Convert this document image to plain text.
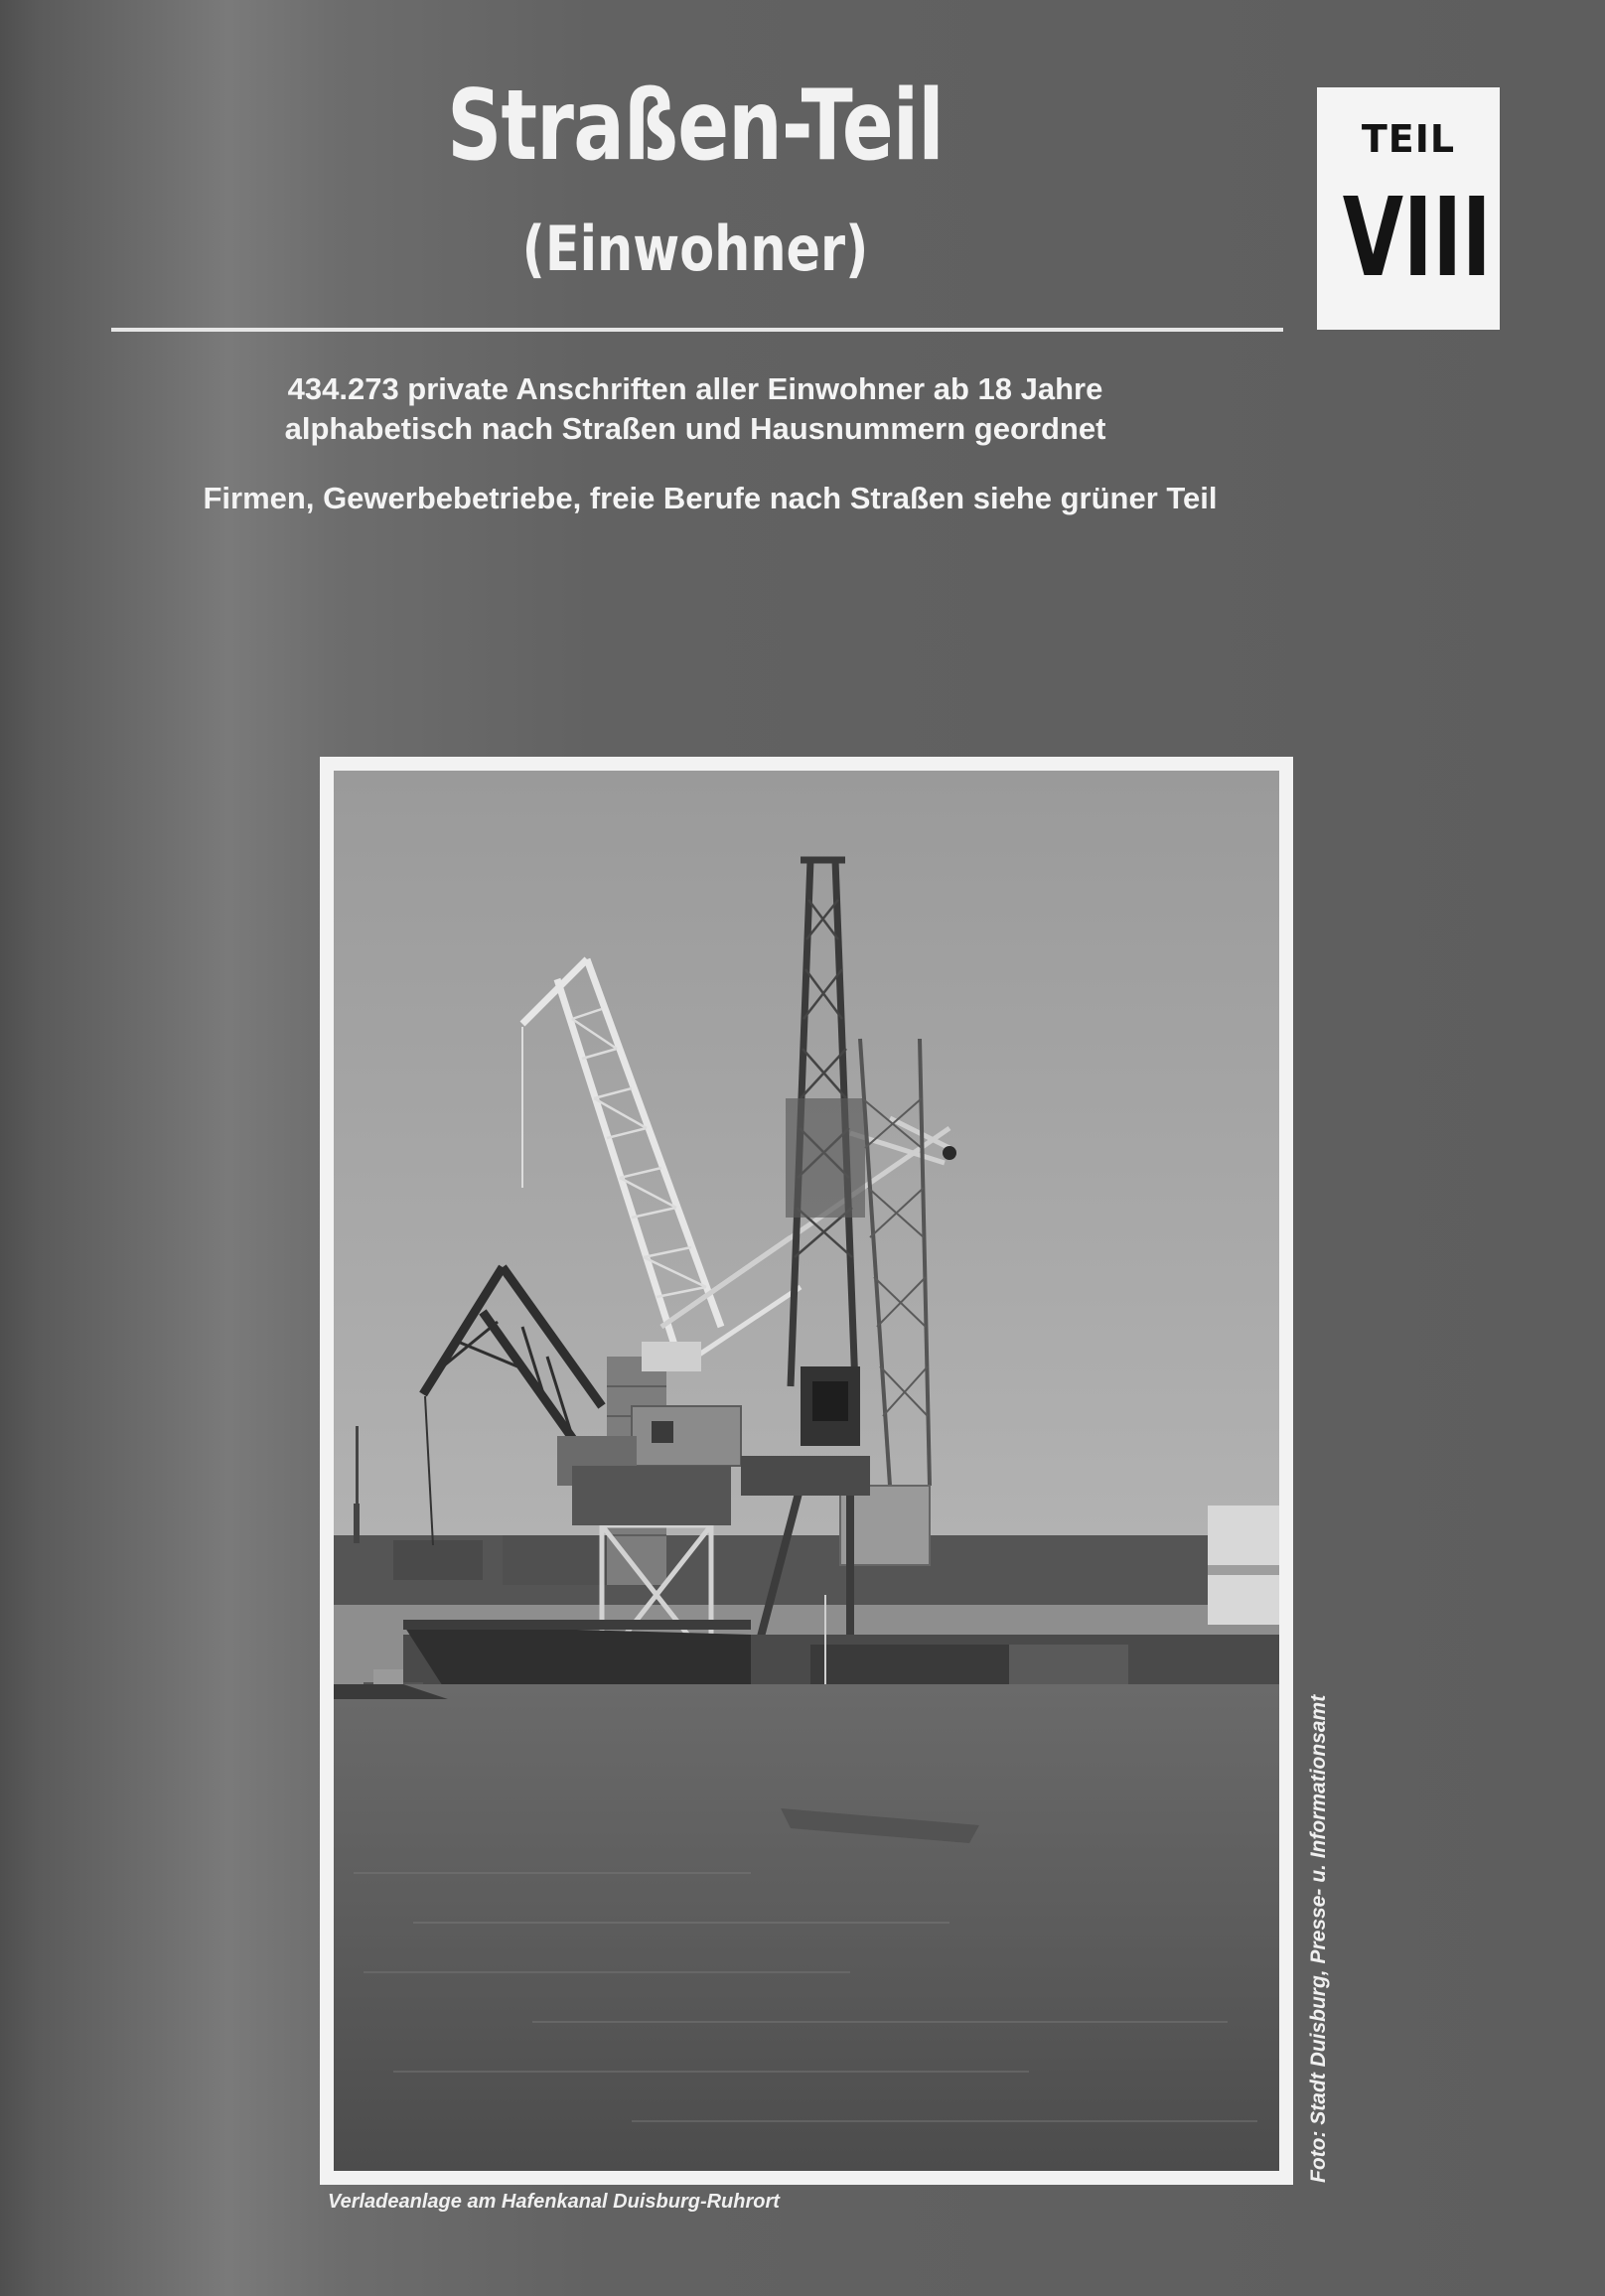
Straßen-Teil
(Einwohner)
TEIL
VIII
434.273 private Anschriften aller Einwohner ab 18 Jahre
alphabetisch nach Straßen und Hausnummern geordnet
Firmen, Gewerbebetriebe, freie Berufe nach Straßen siehe grüner Teil
Verladeanlage am Hafenkanal Duisburg-Ruhrort
Foto: Stadt Duisburg, Presse- u. Informationsamt
